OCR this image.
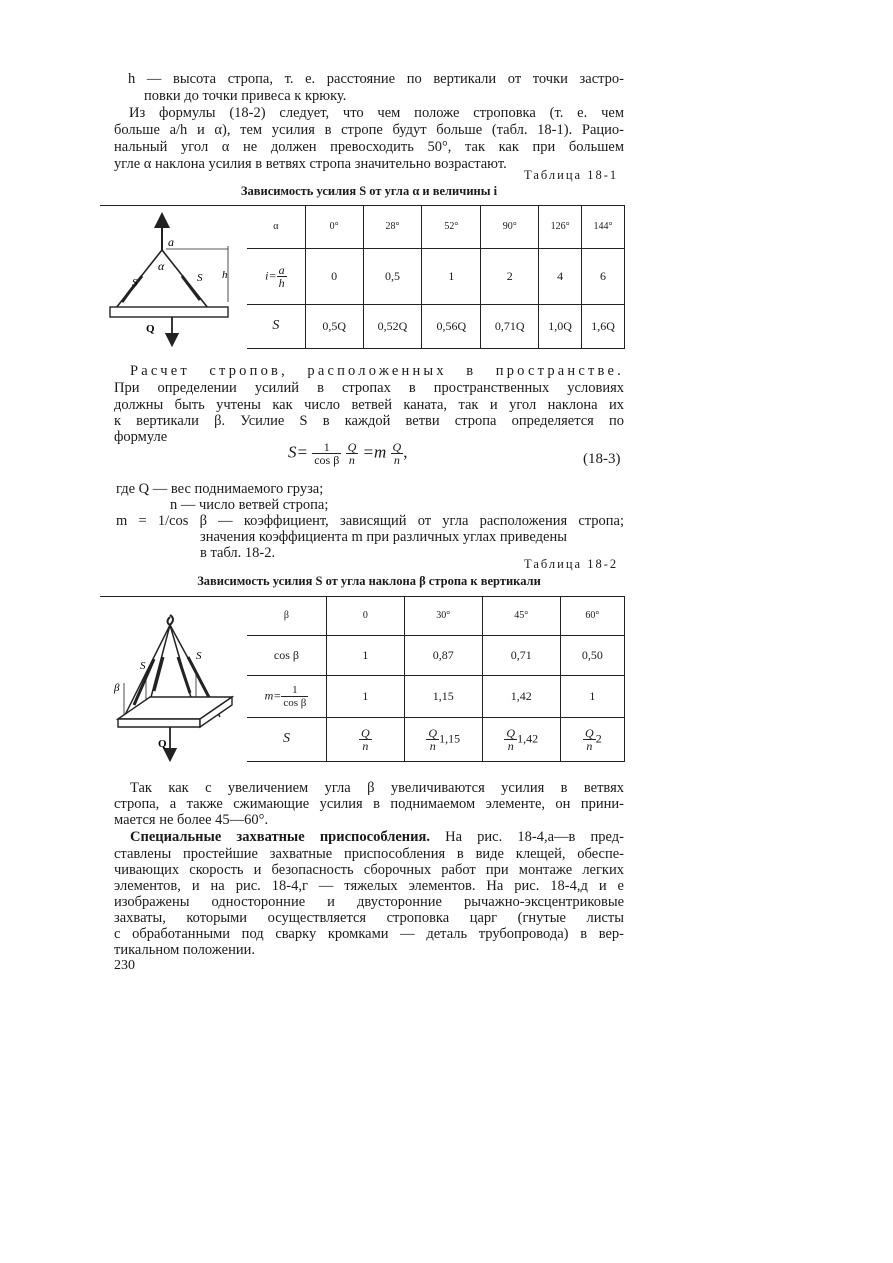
h — высота стропа, т. е. расстояние по вертикали от точки застро-

повки до точки привеса к крюку.

Из формулы (18-2) следует, что чем положе строповка (т. е. чем

больше a/h и α), тем усилия в стропе будут больше (табл. 18-1). Рацио-

нальный угол α не должен превосходить 50°, так как при большем

угле α наклона усилия в ветвях стропа значительно возрастают.

Таблица 18-1
Зависимость усилия S от угла α и величины i
a
α
S	S h
Q
α	0°	28°	52°	90°	126°	144°
$i= \frac{a}{h}$	0	0,5	1	2	4	6
S	0,5Q	0,52Q	0,56Q	0,71Q	1,0Q	1,6Q

Расчет стропов, расположенных в пространстве.

При определении усилий в стропах в пространственных условиях

должны быть учтены как число ветвей каната, так и угол наклона их

к вертикали β. Усилие S в каждой ветви стропа определяется по

формуле

$S= \frac{1}{\text{cos β}}$
$\frac{Q}{n} =m \frac{Q}{n}$ ,	(18-3)

где Q — вес поднимаемого груза;

n — число ветвей стропа;

m = 1/cos β — коэффициент, зависящий от угла расположения стропа;

значения коэффициента m при различных углах приведены

в табл. 18-2.

Таблица 18-2
Зависимость усилия S от угла наклона β стропа к вертикали
Q
β
S
S
β	0	30°	45°	60°
cos β	1	0,87	0,71	0,50
$m= \frac{1}{\text{cos β}}$	1	1,15	1,42	1
S	$\frac{Q}{n}$	$\frac{Q}{n} 1,15$	$\frac{Q}{n} 1,42$	$\frac{Q}{n} 2$

Так как с увеличением угла β увеличиваются усилия в ветвях

стропа, а также сжимающие усилия в поднимаемом элементе, он прини-

мается не более 45—60°.

Специальные захватные приспособления. На рис. 18-4,а—в пред-

ставлены простейшие захватные приспособления в виде клещей, обеспе-

чивающих скорость и безопасность сборочных работ при монтаже легких

элементов, и на рис. 18-4,г — тяжелых элементов. На рис. 18-4,д и е

изображены односторонние и двусторонние рычажно-эксцентриковые

захваты, которыми осуществляется строповка царг (гнутые листы

с обработанными под сварку кромками — деталь трубопровода) в вер-

тикальном положении.

230
